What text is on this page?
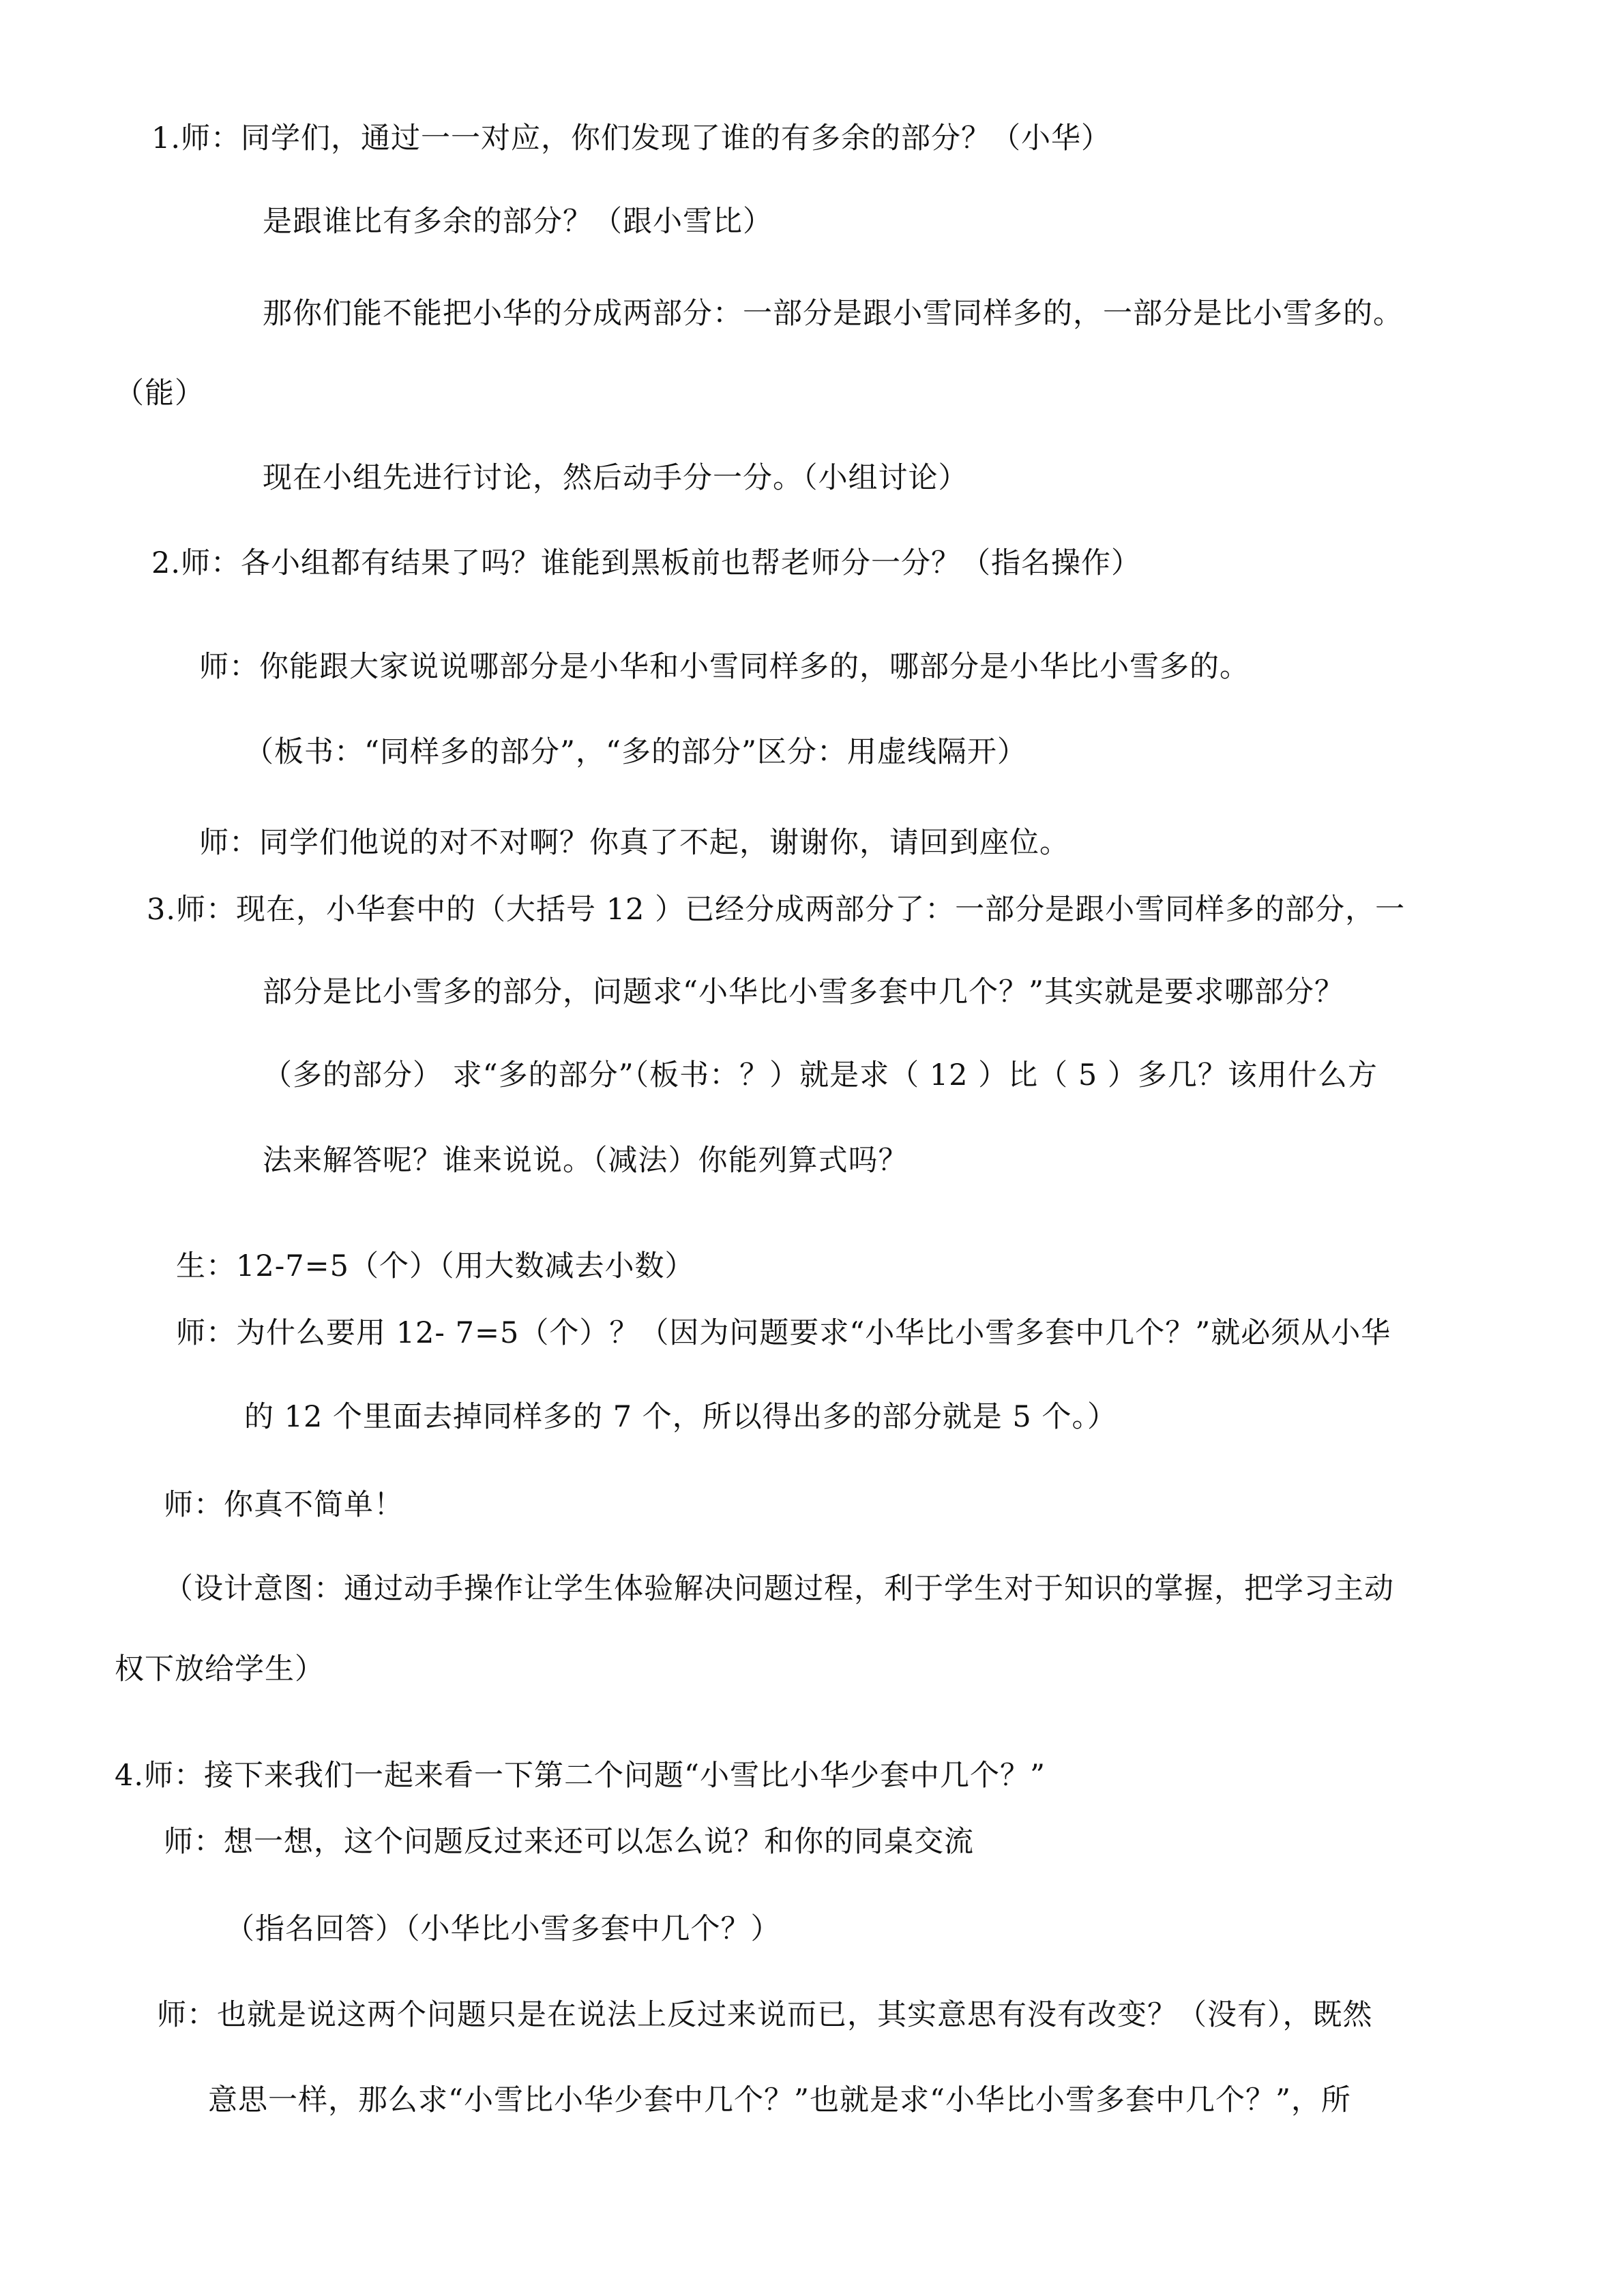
1.师：同学们，通过一一对应，你们发现了谁的有多余的部分？（小华）
是跟谁比有多余的部分？（跟小雪比）
那你们能不能把小华的分成两部分：一部分是跟小雪同样多的，一部分是比小雪多的。
（能）
现在小组先进行讨论，然后动手分一分。（小组讨论）
2.师：各小组都有结果了吗？谁能到黑板前也帮老师分一分？（指名操作）
师：你能跟大家说说哪部分是小华和小雪同样多的，哪部分是小华比小雪多的。
（板书：“同样多的部分”，“多的部分”区分：用虚线隔开）
师：同学们他说的对不对啊？你真了不起，谢谢你，请回到座位。
3.师：现在，小华套中的（大括号 12 ）已经分成两部分了：一部分是跟小雪同样多的部分，一
部分是比小雪多的部分，问题求“小华比小雪多套中几个？”其实就是要求哪部分？
（多的部分） 求“多的部分”（板书：？）就是求（ 12 ）比（ 5 ）多几？该用什么方
法来解答呢？谁来说说。（减法）你能列算式吗？
生：12-7=5（个）（用大数减去小数）
师：为什么要用 12- 7=5（个）？（因为问题要求“小华比小雪多套中几个？”就必须从小华
的 12 个里面去掉同样多的 7 个，所以得出多的部分就是 5 个。）
师：你真不简单！
（设计意图：通过动手操作让学生体验解决问题过程，利于学生对于知识的掌握，把学习主动
权下放给学生）
4.师：接下来我们一起来看一下第二个问题“小雪比小华少套中几个？”
师：想一想，这个问题反过来还可以怎么说？和你的同桌交流
（指名回答）（小华比小雪多套中几个？）
师：也就是说这两个问题只是在说法上反过来说而已，其实意思有没有改变？（没有），既然
意思一样，那么求“小雪比小华少套中几个？”也就是求“小华比小雪多套中几个？”，所
